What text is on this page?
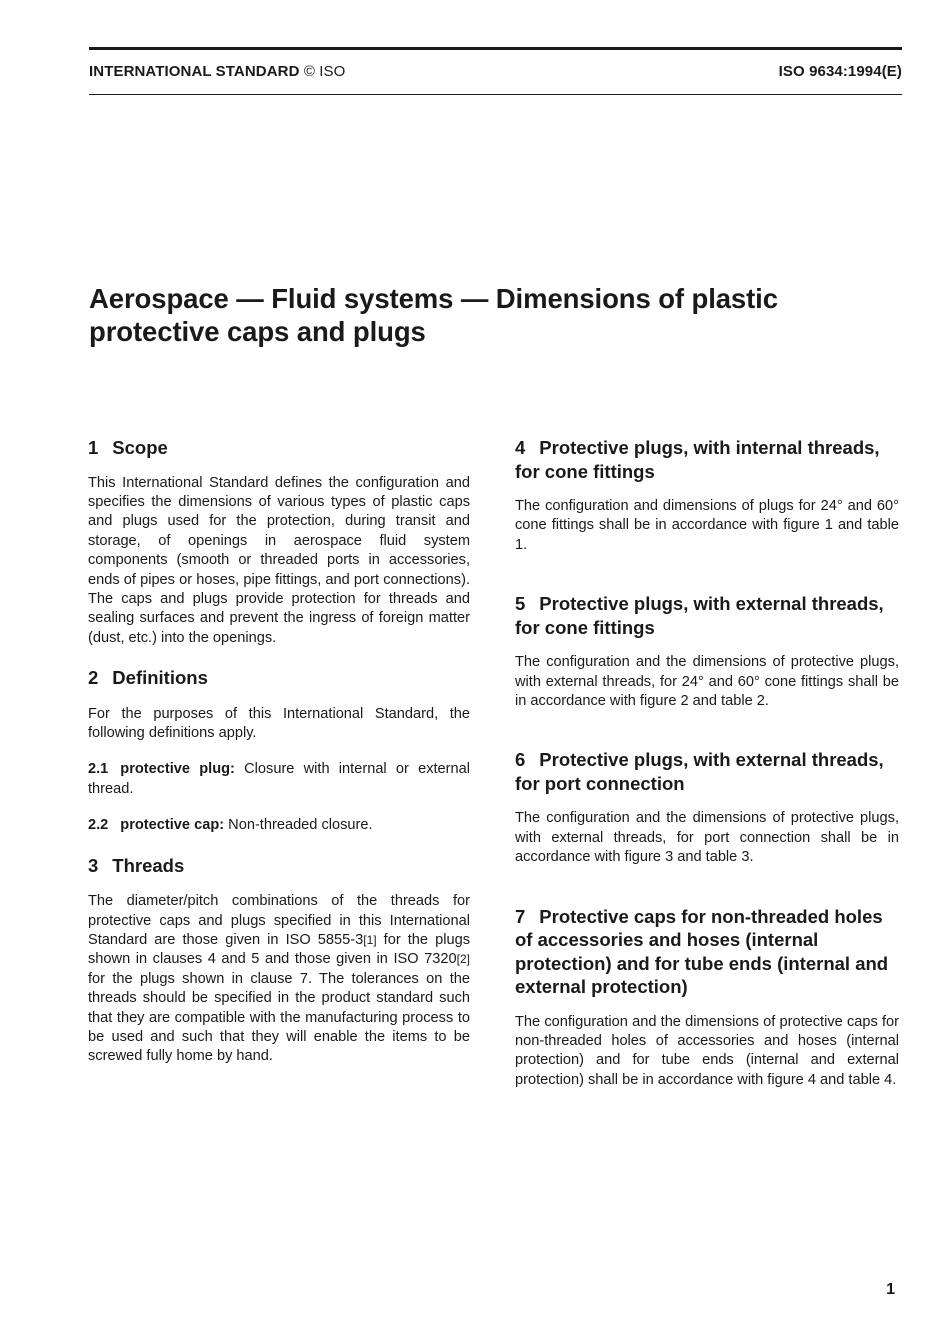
INTERNATIONAL STANDARD © ISO	ISO 9634:1994(E)
Aerospace — Fluid systems — Dimensions of plastic
protective caps and plugs
1 Scope

This International Standard defines the configuration and specifies the dimensions of various types of plastic caps and plugs used for the protection, during transit and storage, of openings in aerospace fluid system components (smooth or threaded ports in accessories, ends of pipes or hoses, pipe fittings, and port connections). The caps and plugs provide protection for threads and sealing surfaces and prevent the ingress of foreign matter (dust, etc.) into the openings.

2 Definitions

For the purposes of this International Standard, the following definitions apply.

2.1 protective plug: Closure with internal or external thread.

2.2 protective cap: Non-threaded closure.

3 Threads

The diameter/pitch combinations of the threads for protective caps and plugs specified in this International Standard are those given in ISO 5855-3[1] for the plugs shown in clauses 4 and 5 and those given in ISO 7320[2] for the plugs shown in clause 7. The tolerances on the threads should be specified in the product standard such that they are compatible with the manufacturing process to be used and such that they will enable the items to be screwed fully home by hand.

4 Protective plugs, with internal threads, for cone fittings

The configuration and dimensions of plugs for 24° and 60° cone fittings shall be in accordance with figure 1 and table 1.

5 Protective plugs, with external threads, for cone fittings

The configuration and the dimensions of protective plugs, with external threads, for 24° and 60° cone fittings shall be in accordance with figure 2 and table 2.

6 Protective plugs, with external threads, for port connection

The configuration and the dimensions of protective plugs, with external threads, for port connection shall be in accordance with figure 3 and table 3.

7 Protective caps for non-threaded holes of accessories and hoses (internal protection) and for tube ends (internal and external protection)

The configuration and the dimensions of protective caps for non-threaded holes of accessories and hoses (internal protection) and for tube ends (internal and external protection) shall be in accordance with figure 4 and table 4.

1
